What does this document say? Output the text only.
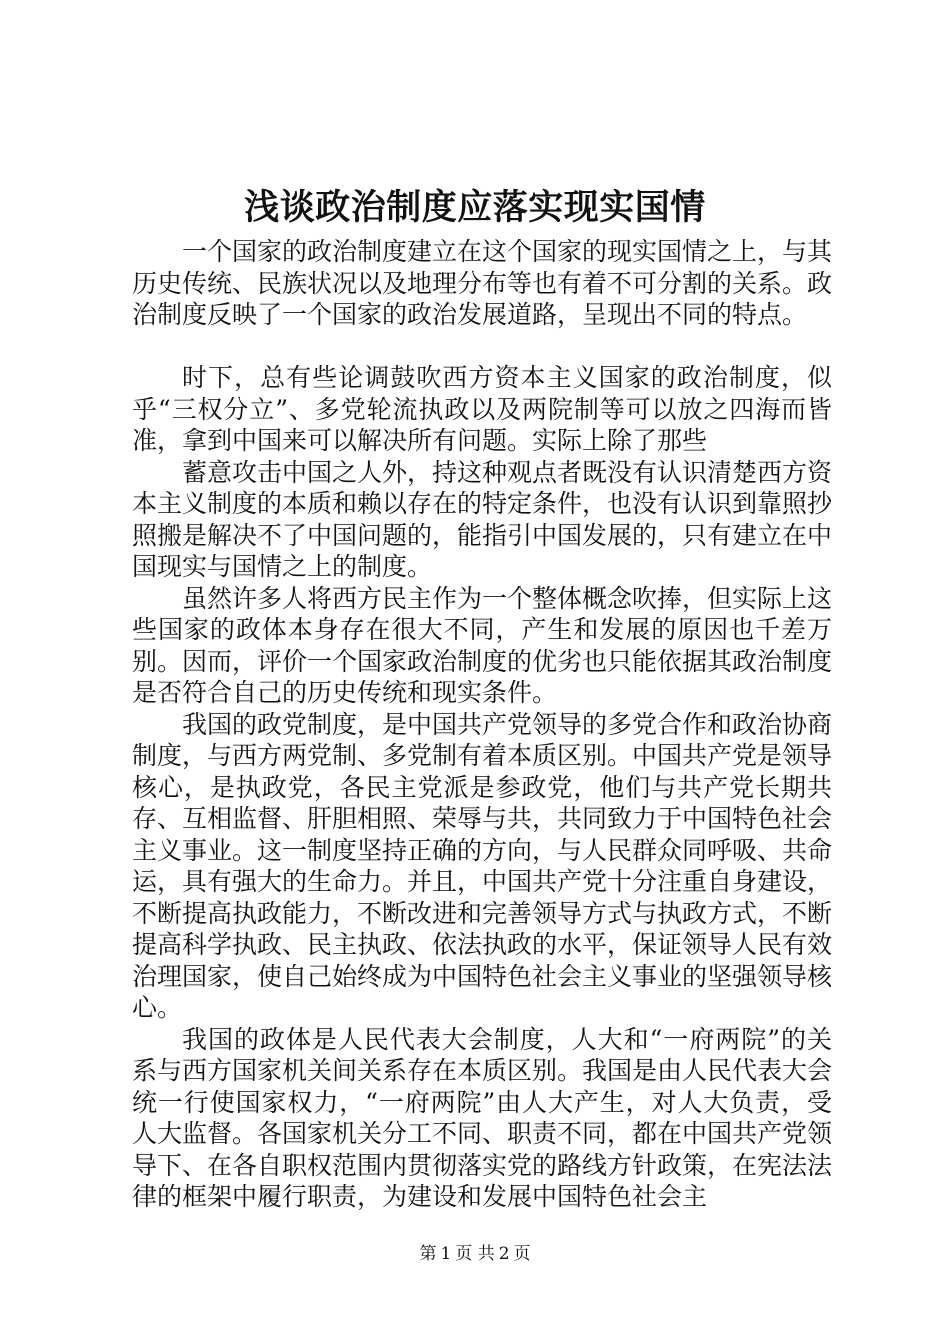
浅谈政治制度应落实现实国情

一个国家的政治制度建立在这个国家的现实国情之上，与其历史传统、民族状况以及地理分布等也有着不可分割的关系。政治制度反映了一个国家的政治发展道路，呈现出不同的特点。

时下，总有些论调鼓吹西方资本主义国家的政治制度，似乎“三权分立”、多党轮流执政以及两院制等可以放之四海而皆准，拿到中国来可以解决所有问题。实际上除了那些

蓄意攻击中国之人外，持这种观点者既没有认识清楚西方资本主义制度的本质和赖以存在的特定条件，也没有认识到靠照抄照搬是解决不了中国问题的，能指引中国发展的，只有建立在中国现实与国情之上的制度。

虽然许多人将西方民主作为一个整体概念吹捧，但实际上这些国家的政体本身存在很大不同，产生和发展的原因也千差万别。因而，评价一个国家政治制度的优劣也只能依据其政治制度是否符合自己的历史传统和现实条件。

我国的政党制度，是中国共产党领导的多党合作和政治协商制度，与西方两党制、多党制有着本质区别。中国共产党是领导核心，是执政党，各民主党派是参政党，他们与共产党长期共存、互相监督、肝胆相照、荣辱与共，共同致力于中国特色社会主义事业。这一制度坚持正确的方向，与人民群众同呼吸、共命运，具有强大的生命力。并且，中国共产党十分注重自身建设，不断提高执政能力，不断改进和完善领导方式与执政方式，不断提高科学执政、民主执政、依法执政的水平，保证领导人民有效治理国家，使自己始终成为中国特色社会主义事业的坚强领导核心。

我国的政体是人民代表大会制度，人大和“一府两院”的关系与西方国家机关间关系存在本质区别。我国是由人民代表大会统一行使国家权力，“一府两院”由人大产生，对人大负责，受人大监督。各国家机关分工不同、职责不同，都在中国共产党领导下、在各自职权范围内贯彻落实党的路线方针政策，在宪法法律的框架中履行职责，为建设和发展中国特色社会主

第 1 页 共 2 页
